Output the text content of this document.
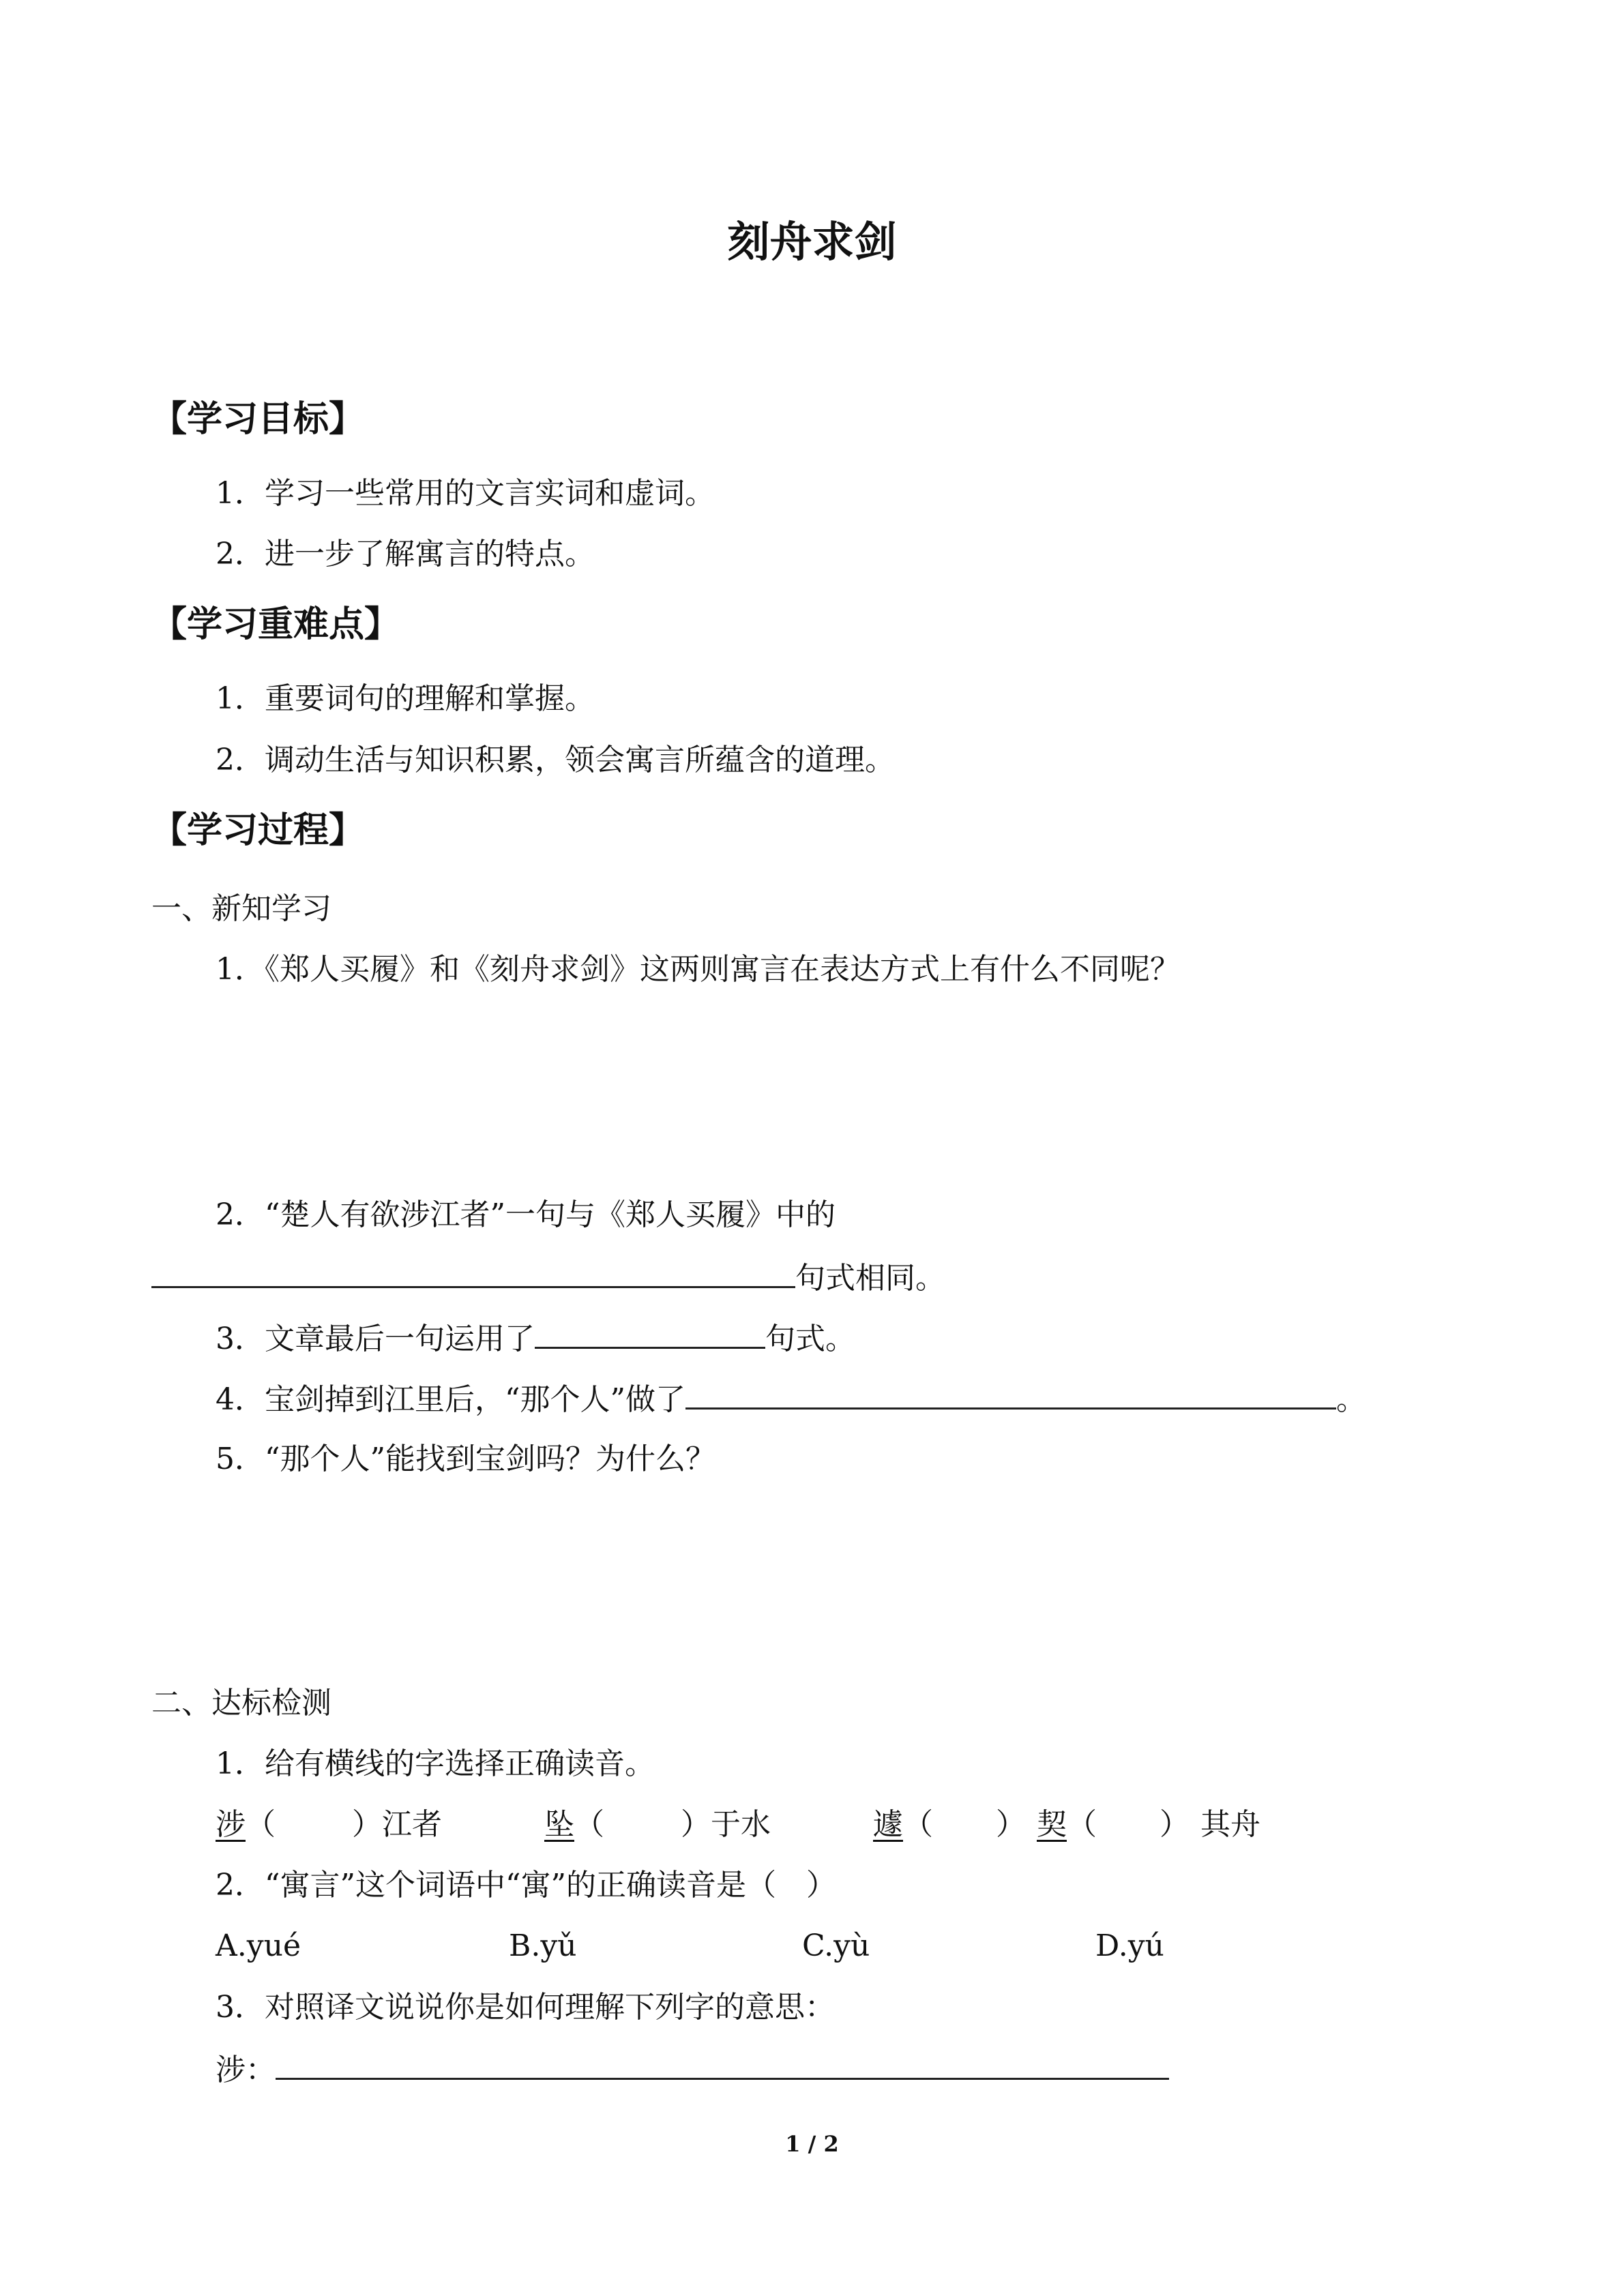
刻舟求剑
【学习目标】
1．学习一些常用的文言实词和虚词。
2．进一步了解寓言的特点。
【学习重难点】
1．重要词句的理解和掌握。
2．调动生活与知识积累，领会寓言所蕴含的道理。
【学习过程】
一、新知学习
1．《郑人买履》和《刻舟求剑》这两则寓言在表达方式上有什么不同呢？
2．“楚人有欲涉江者”一句与《郑人买履》中的
句式相同。
3．文章最后一句运用了	句式。
4．宝剑掉到江里后，“那个人”做了	。
5．“那个人”能找到宝剑吗？为什么？
二、达标检测
1．给有横线的字选择正确读音。
涉 （	） 江者	坠 （	） 于水	遽 （ ） 契 （ ） 其舟
2．“寓言”这个词语中“寓”的正确读音是（　）
A.yué	B.yǔ	C.yù	D.yú
3．对照译文说说你是如何理解下列字的意思：
涉：
1 / 2
